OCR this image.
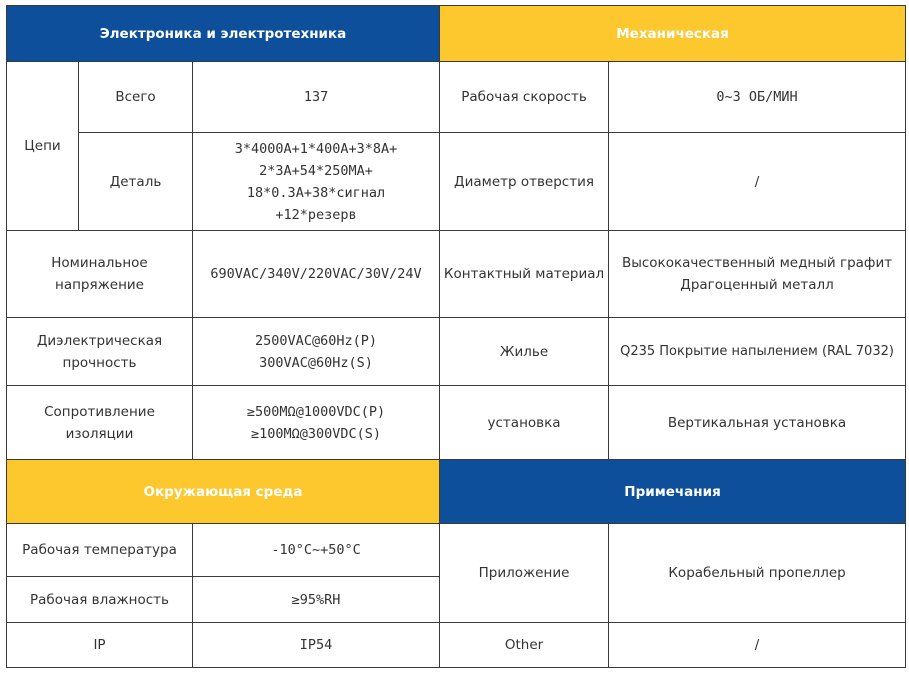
Электроника и электротехника			Механическая	
Цепи	Всего	137	Рабочая скорость	0~3 ОБ/МИН
	Деталь	3*4000A+1*400A+3*8A+
2*3A+54*250MA+
18*0.3A+38*сигнал
+12*резерв	Диаметр отверстия	/

Номинальное
напряжение		690VAC/340V/220VAC/30V/24V	Контактный материал	Высококачественный медный графит
Драгоценный металл

Диэлектрическая
прочность		2500VAC@60Hz(P)
300VAC@60Hz(S)	Жилье	Q235 Покрытие напылением (RAL 7032)

Сопротивление
изоляции		≥500MΩ@1000VDC(P)
≥100MΩ@300VDC(S)	установка	Вертикальная установка
Окружающая среда			Примечания	
Рабочая температура		-10°C~+50°C	Приложение	Корабельный пропеллер
Рабочая влажность		≥95%RH		
IP		IP54	Other	/
